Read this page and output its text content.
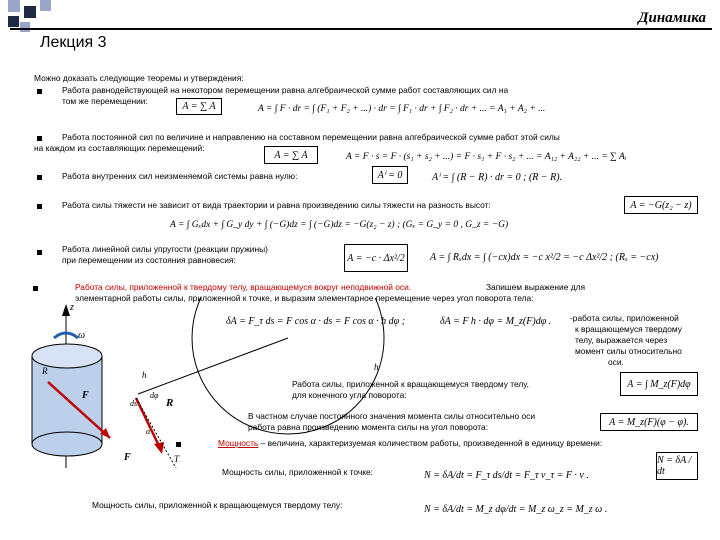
Динамика
Лекция 3
Можно доказать следующие теоремы и утверждения:
Работа равнодействующей на некотором перемещении равна алгебраической сумме работ составляющих сил на
том же перемещении:	A = ∑ A	A = ∫ F · dr = ∫ (F₁ + F₂ + ...) · dr = ∫ F₁ · dr + ∫ F₂ · dr + ... = A₁ + A₂ + ...
Работа постоянной сил по величине и направлению на составном перемещении равна алгебраической сумме работ этой силы
на каждом из составляющих перемещений:
A = ∑ A	A = F · s = F · (s₁ + s₂ + ...) = F · s₁ + F · s₂ + ... = A₁₂ + A₂₂ + ... = ∑ Aᵢ
Работа внутренних сил неизменяемой системы равна нулю:	Aⁱ = 0	Aⁱ = ∫ (R − R) · dr = 0 ; (R − R).
Работа силы тяжести не зависит от вида траектории и равна произведению силы тяжести на разность высот:	A = −G(z₂ − z)
A = ∫ Gₓdx + ∫ G_y dy + ∫ (−G)dz = ∫ (−G)dz = −G(z₂ − z) ; (Gₓ = G_y = 0 , G_z = −G)
Работа линейной силы упругости (реакции пружины)
при перемещении из состояния равновесия:	A = −c · Δx²/2	A = ∫ Rₓdx = ∫ (−cx)dx = −c x²/2 = −c Δx²/2 ; (Rₓ = −cx)
Работа силы, приложенной к твердому телу, вращающемуся вокруг неподвижной оси.	Запишем выражение для
элементарной работы силы, приложенной к точке, и выразим элементарное перемещение через угол поворота тела:
δA = F_τ ds = F cos α · ds = F cos α · h dφ ;	δA = F h · dφ = M_z(F)dφ . -работа силы, приложенной
к вращающемуся твердому
телу, выражается через
момент силы относительно
оси.
Работа силы, приложенной к вращающемуся твердому телу,
для конечного угла поворота:
A = ∫ M_z(F)dφ
В частном случае постоянного значения момента силы относительно оси
работа равна произведению момента силы на угол поворота:	A = M_z(F)(φ − φ).
Мощность – величина, характеризуемая количеством работы, произведенной в единицу времени:
N = δA / dt
Мощность силы, приложенной к точке:	N = δA/dt = F_τ ds/dt = F_τ v_τ = F · v .
Мощность силы, приложенной к вращающемуся твердому телу:	N = δA/dt = M_z dφ/dt = M_z ω_z = M_z ω .
z
ω
R
F
h
h
ds
dφ
R
α
F	T
